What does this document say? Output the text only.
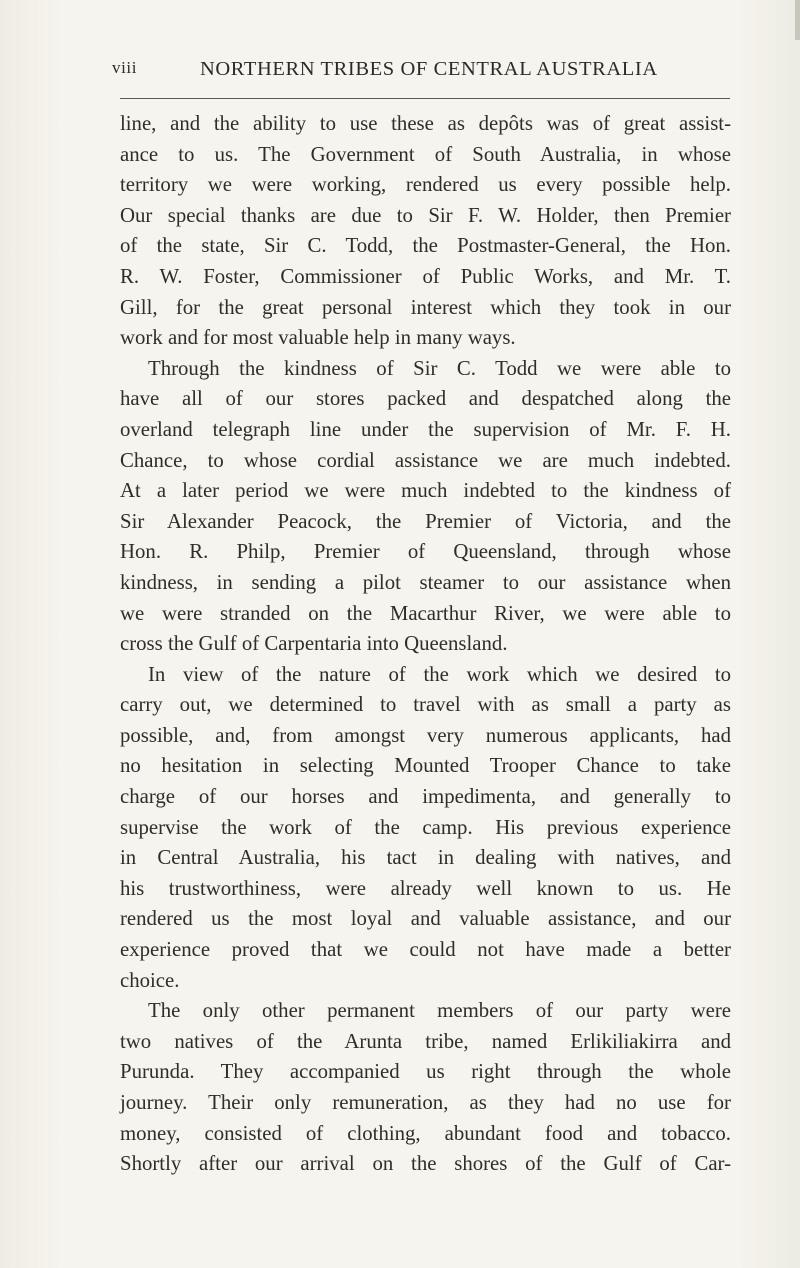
viii	NORTHERN TRIBES OF CENTRAL AUSTRALIA
line, and the ability to use these as depôts was of great assist-
ance to us. The Government of South Australia, in whose
territory we were working, rendered us every possible help.
Our special thanks are due to Sir F. W. Holder, then Premier
of the state, Sir C. Todd, the Postmaster-General, the Hon.
R. W. Foster, Commissioner of Public Works, and Mr. T.
Gill, for the great personal interest which they took in our
work and for most valuable help in many ways.
Through the kindness of Sir C. Todd we were able to
have all of our stores packed and despatched along the
overland telegraph line under the supervision of Mr. F. H.
Chance, to whose cordial assistance we are much indebted.
At a later period we were much indebted to the kindness of
Sir Alexander Peacock, the Premier of Victoria, and the
Hon. R. Philp, Premier of Queensland, through whose
kindness, in sending a pilot steamer to our assistance when
we were stranded on the Macarthur River, we were able to
cross the Gulf of Carpentaria into Queensland.
In view of the nature of the work which we desired to
carry out, we determined to travel with as small a party as
possible, and, from amongst very numerous applicants, had
no hesitation in selecting Mounted Trooper Chance to take
charge of our horses and impedimenta, and generally to
supervise the work of the camp. His previous experience
in Central Australia, his tact in dealing with natives, and
his trustworthiness, were already well known to us. He
rendered us the most loyal and valuable assistance, and our
experience proved that we could not have made a better
choice.
The only other permanent members of our party were
two natives of the Arunta tribe, named Erlikiliakirra and
Purunda. They accompanied us right through the whole
journey. Their only remuneration, as they had no use for
money, consisted of clothing, abundant food and tobacco.
Shortly after our arrival on the shores of the Gulf of Car-
